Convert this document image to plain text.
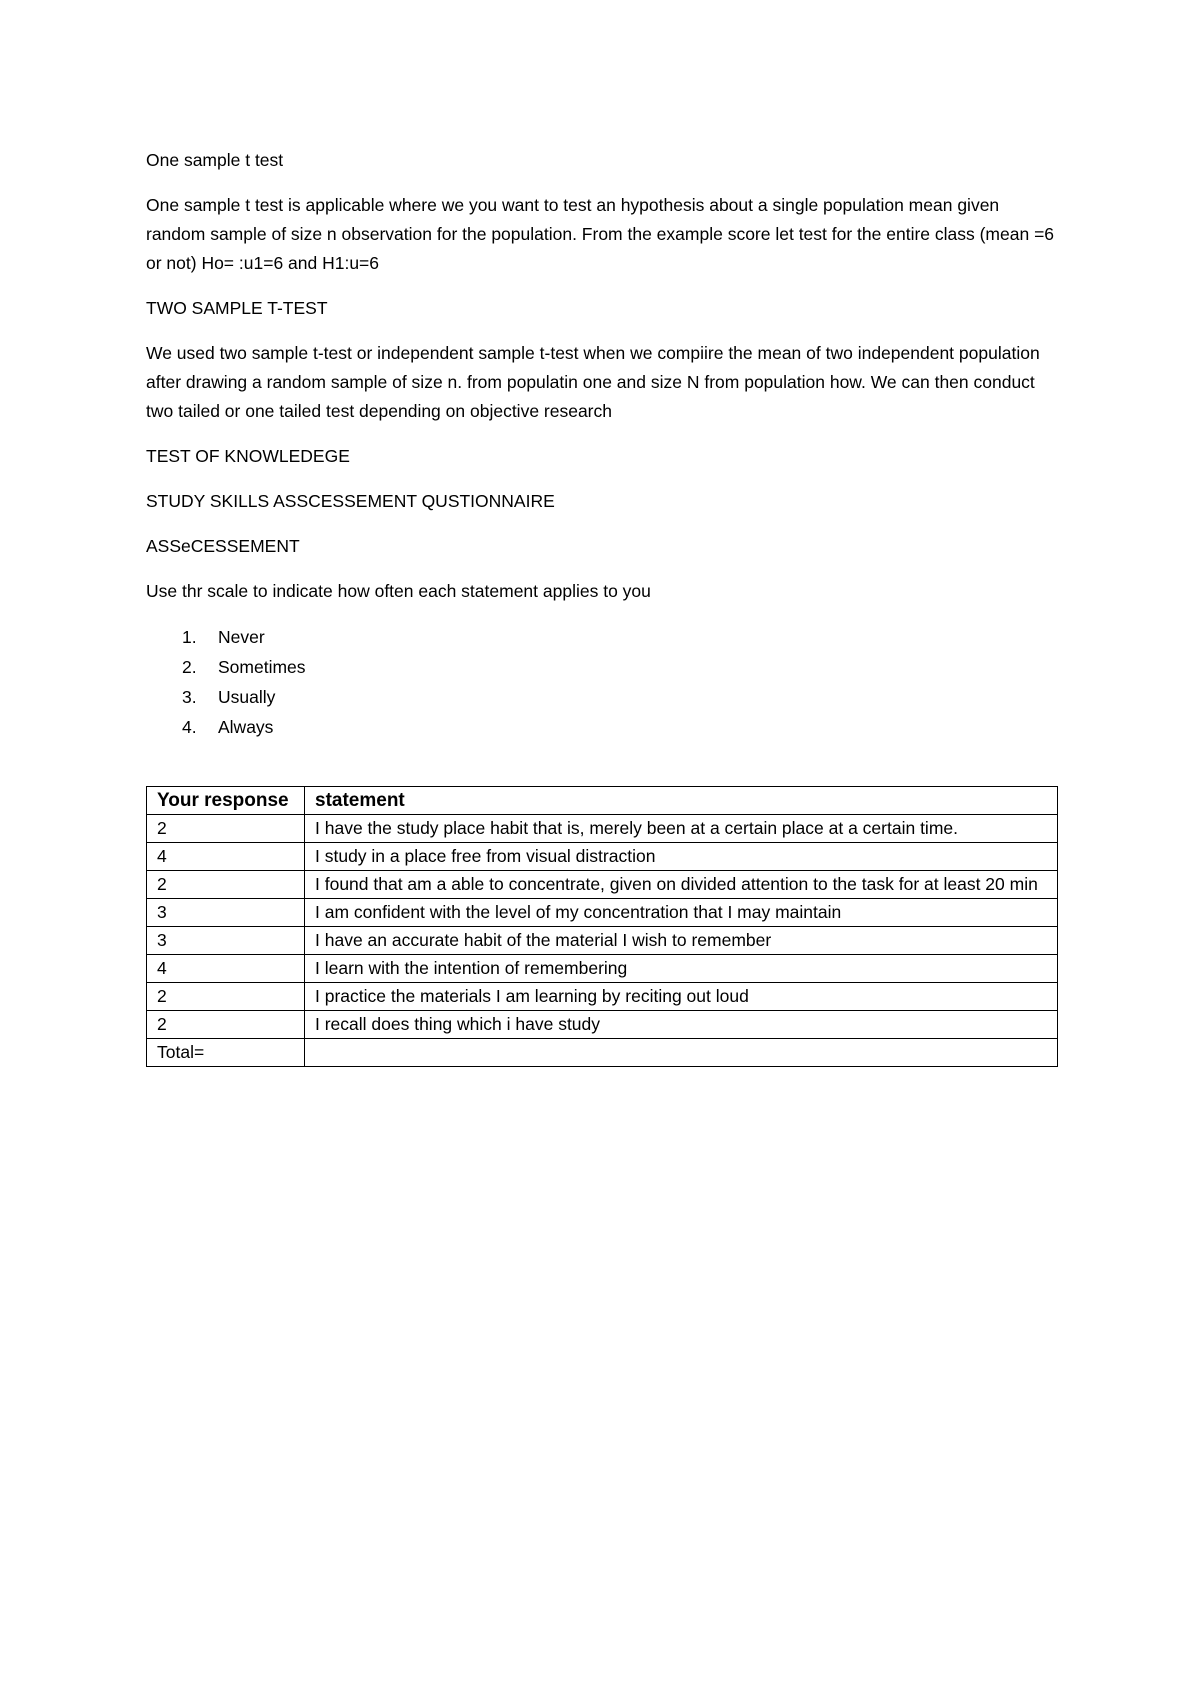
One sample t test

One sample t test is applicable where we you want to test an hypothesis about a single population mean given random sample of size n observation for the population. From the example score let test for the entire class (mean =6 or not) Ho= :u1=6 and H1:u=6

TWO SAMPLE T-TEST

We used two sample t-test or independent sample t-test when we compiire the mean of two independent population after drawing a random sample of size n. from populatin one and size N from population how. We can then conduct two tailed or one tailed test depending on objective research

TEST OF KNOWLEDEGE

STUDY SKILLS ASSCESSEMENT QUSTIONNAIRE

ASSeCESSEMENT

Use thr scale to indicate how often each statement applies to you

1. Never
2. Sometimes
3. Usually
4. Always
Your response	statement
2	I have the study place habit that is, merely been at a certain place at a certain time.
4	I study in a place free from visual distraction
2	I found that am a able to concentrate, given on divided attention to the task for at least 20 min
3	I am confident with the level of my concentration that I may maintain
3	I have an accurate habit of the material I wish to remember
4	I learn with the intention of remembering
2	I practice the materials I am learning by reciting out loud
2	I recall does thing which i have study
Total=	
